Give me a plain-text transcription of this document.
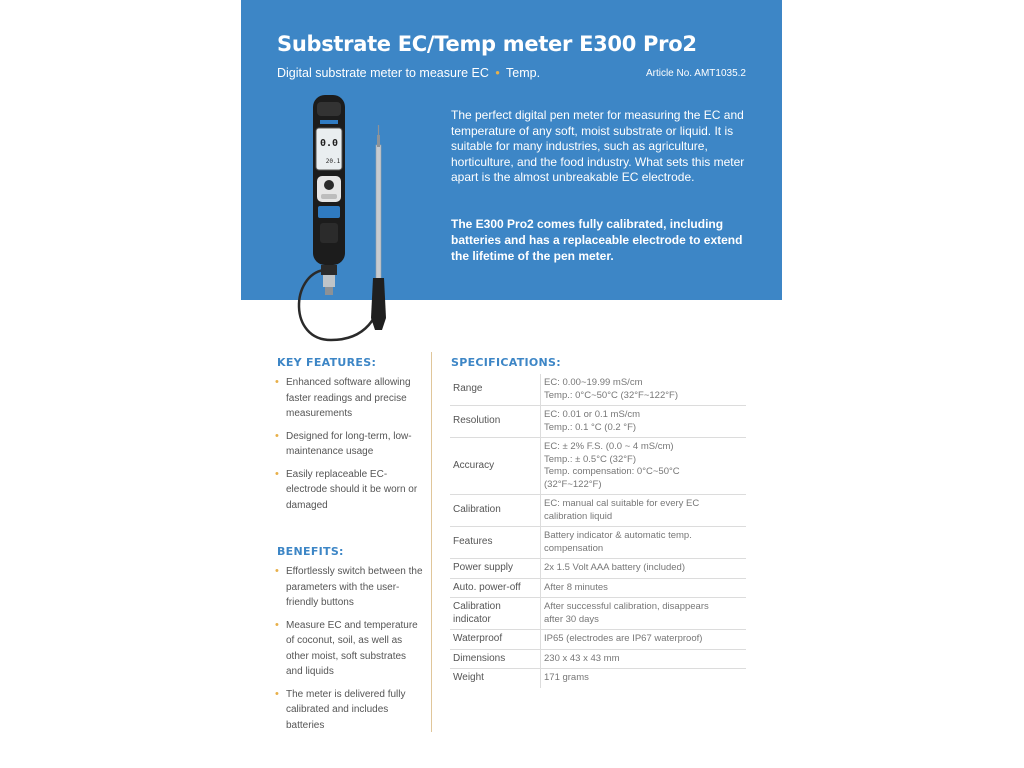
Substrate EC/Temp meter E300 Pro2
Digital substrate meter to measure EC • Temp.	Article No. AMT1035.2

The perfect digital pen meter for measuring the EC and temperature of any soft, moist substrate or liquid. It is suitable for many industries, such as agriculture, horticulture, and the food industry. What sets this meter apart is the almost unbreakable EC electrode.

The E300 Pro2 comes fully calibrated, including batteries and has a replaceable electrode to extend the lifetime of the pen meter.

0.0
20.1
KEY FEATURES:
• Enhanced software allowing faster readings and precise measurements
• Designed for long-term, low-maintenance usage
• Easily replaceable EC-electrode should it be worn or damaged
BENEFITS:
• Effortlessly switch between the parameters with the user-friendly buttons
• Measure EC and temperature of coconut, soil, as well as other moist, soft substrates and liquids
• The meter is delivered fully calibrated and includes batteries
SPECIFICATIONS:
Range	EC: 0.00~19.99 mS/cm
Temp.: 0°C~50°C (32°F~122°F)

Resolution	EC: 0.01 or 0.1 mS/cm
Temp.: 0.1 °C (0.2 °F)

Accuracy	EC: ± 2% F.S. (0.0 ~ 4 mS/cm)
Temp.: ± 0.5°C (32°F)
Temp. compensation: 0°C~50°C
(32°F~122°F)

Calibration	EC: manual cal suitable for every EC
calibration liquid

Features	Battery indicator & automatic temp.
compensation

Power supply	2x 1.5 Volt AAA battery (included)

Auto. power-off	After 8 minutes

Calibration indicator	After successful calibration, disappears
after 30 days

Waterproof	IP65 (electrodes are IP67 waterproof)

Dimensions	230 x 43 x 43 mm

Weight	171 grams
